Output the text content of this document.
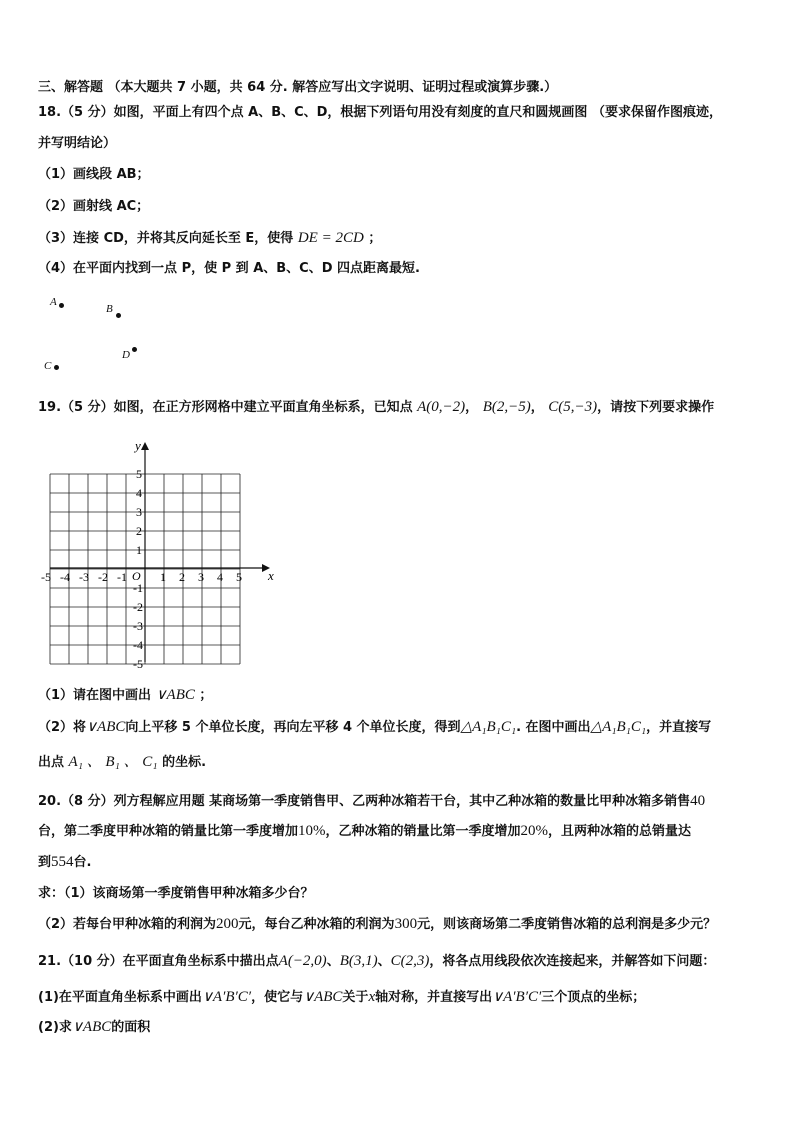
三、解答题 （本大题共 7 小题，共 64 分. 解答应写出文字说明、证明过程或演算步骤.）
18.（5 分）如图，平面上有四个点 A、B、C、D，根据下列语句用没有刻度的直尺和圆规画图 （要求保留作图痕迹，
并写明结论）
（1）画线段 AB；
（2）画射线 AC；
（3）连接 CD，并将其反向延长至 E，使得 DE = 2CD ；
（4）在平面内找到一点 P，使 P 到 A、B、C、D 四点距离最短.
A
B
D
C
19.（5 分）如图，在正方形网格中建立平面直角坐标系，已知点 A(0,−2)， B(2,−5)， C(5,−3)，请按下列要求操作
y
x
O
-5 -4 -3 -2 -1	1 2 3 4 5
5
4
3
2
1
-1
-2
-3
-4
-5
（1）请在图中画出 ∨ABC ；
（2）将∨ABC向上平移 5 个单位长度，再向左平移 4 个单位长度，得到△A₁B₁C₁. 在图中画出△A₁B₁C₁，并直接写
出点 A₁ 、 B₁ 、 C₁ 的坐标.
20.（8 分）列方程解应用题 某商场第一季度销售甲、乙两种冰箱若干台，其中乙种冰箱的数量比甲种冰箱多销售40
台，第二季度甲种冰箱的销量比第一季度增加10%，乙种冰箱的销量比第一季度增加20%，且两种冰箱的总销量达
到554台.
求：（1）该商场第一季度销售甲种冰箱多少台？
（2）若每台甲种冰箱的利润为200元，每台乙种冰箱的利润为300元，则该商场第二季度销售冰箱的总利润是多少元？
21.（10 分）在平面直角坐标系中描出点A(−2,0)、B(3,1)、C(2,3)，将各点用线段依次连接起来，并解答如下问题：
(1)在平面直角坐标系中画出∨A′B′C′，使它与∨ABC关于x轴对称，并直接写出∨A′B′C′三个顶点的坐标；
(2)求∨ABC的面积
